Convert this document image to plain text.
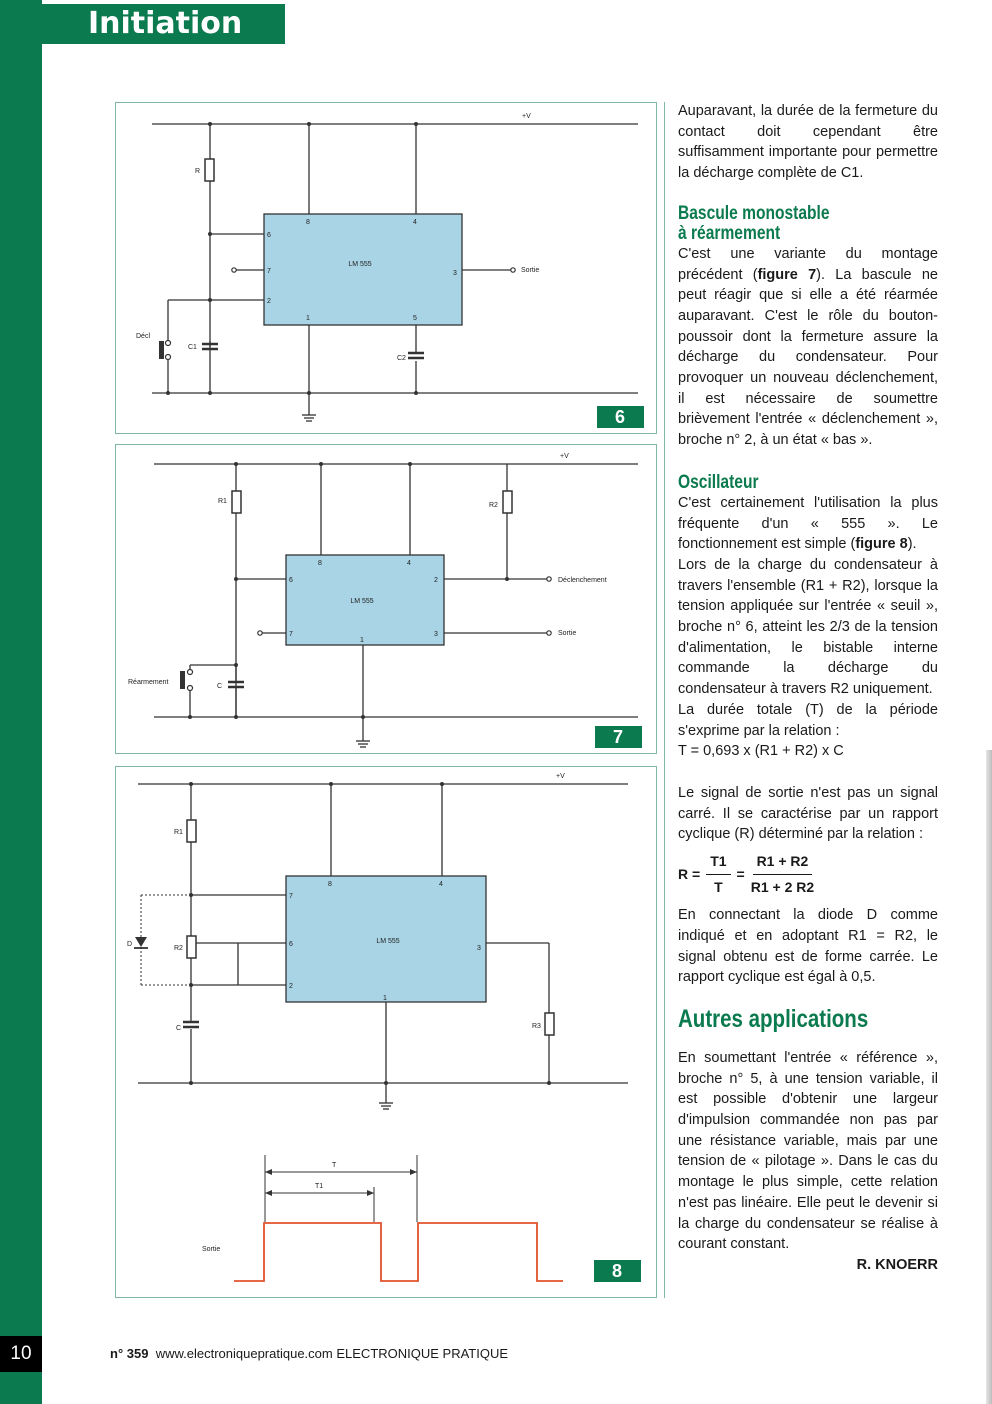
Initiation
10
LM 555
8	4
6
7
2
3
1	5
Sortie
+V
R
C1
C2
Décl
6
LM 555
8	4
6	2
7	3
1
Déclenchement
Sortie
+V
R1
R2
C
Réarmement
7
LM 555
8	4
7
6
2
3
1
+V
R1
R2
R3
C
D
Sortie
T
T1
8

Auparavant, la durée de la fermeture du contact doit cependant être suffisamment importante pour permettre la décharge complète de C1.

Bascule monostable
à réarmement

C'est une variante du montage précédent (figure 7). La bascule ne peut réagir que si elle a été réarmée auparavant. C'est le rôle du bouton-poussoir dont la fermeture assure la décharge du condensateur. Pour provoquer un nouveau déclenchement, il est nécessaire de soumettre brièvement l'entrée « déclenchement », broche n° 2, à un état « bas ».

Oscillateur

C'est certainement l'utilisation la plus fréquente d'un « 555 ». Le fonctionnement est simple (figure 8).

Lors de la charge du condensateur à travers l'ensemble (R1 + R2), lorsque la tension appliquée sur l'entrée « seuil », broche n° 6, atteint les 2/3 de la tension d'alimentation, le bistable interne commande la décharge du condensateur à travers R2 uniquement.

La durée totale (T) de la période s'exprime par la relation :

T = 0,693 x (R1 + R2) x C

Le signal de sortie n'est pas un signal carré. Il se caractérise par un rapport cyclique (R) déterminé par la relation :

$R = \frac{T1}{T} = \frac{R1 + R2}{R1 + 2 R2}$

En connectant la diode D comme indiqué et en adoptant R1 = R2, le signal obtenu est de forme carrée. Le rapport cyclique est égal à 0,5.

Autres applications

En soumettant l'entrée « référence », broche n° 5, à une tension variable, il est possible d'obtenir une largeur d'impulsion commandée non pas par une résistance variable, mais par une tension de « pilotage ». Dans le cas du montage le plus simple, cette relation n'est pas linéaire. Elle peut le devenir si la charge du condensateur se réalise à courant constant.

R. KNOERR

n° 359 www.electroniquepratique.com ELECTRONIQUE PRATIQUE
